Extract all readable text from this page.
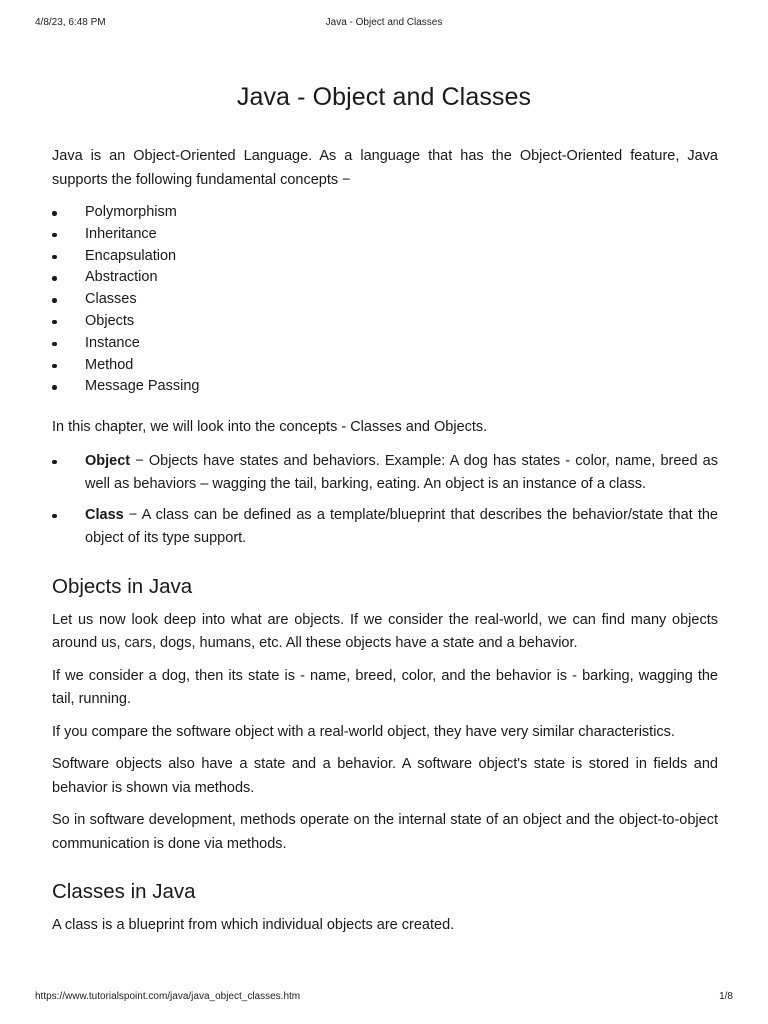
4/8/23, 6:48 PM	Java - Object and Classes
Java - Object and Classes

Java is an Object-Oriented Language. As a language that has the Object-Oriented feature, Java supports the following fundamental concepts −

Polymorphism
Inheritance
Encapsulation
Abstraction
Classes
Objects
Instance
Method
Message Passing

In this chapter, we will look into the concepts - Classes and Objects.

Object − Objects have states and behaviors. Example: A dog has states - color, name, breed as well as behaviors – wagging the tail, barking, eating. An object is an instance of a class.
Class − A class can be defined as a template/blueprint that describes the behavior/state that the object of its type support.
Objects in Java

Let us now look deep into what are objects. If we consider the real-world, we can find many objects around us, cars, dogs, humans, etc. All these objects have a state and a behavior.

If we consider a dog, then its state is - name, breed, color, and the behavior is - barking, wagging the tail, running.

If you compare the software object with a real-world object, they have very similar characteristics.

Software objects also have a state and a behavior. A software object's state is stored in fields and behavior is shown via methods.

So in software development, methods operate on the internal state of an object and the object-to-object communication is done via methods.

Classes in Java

A class is a blueprint from which individual objects are created.

https://www.tutorialspoint.com/java/java_object_classes.htm	1/8
